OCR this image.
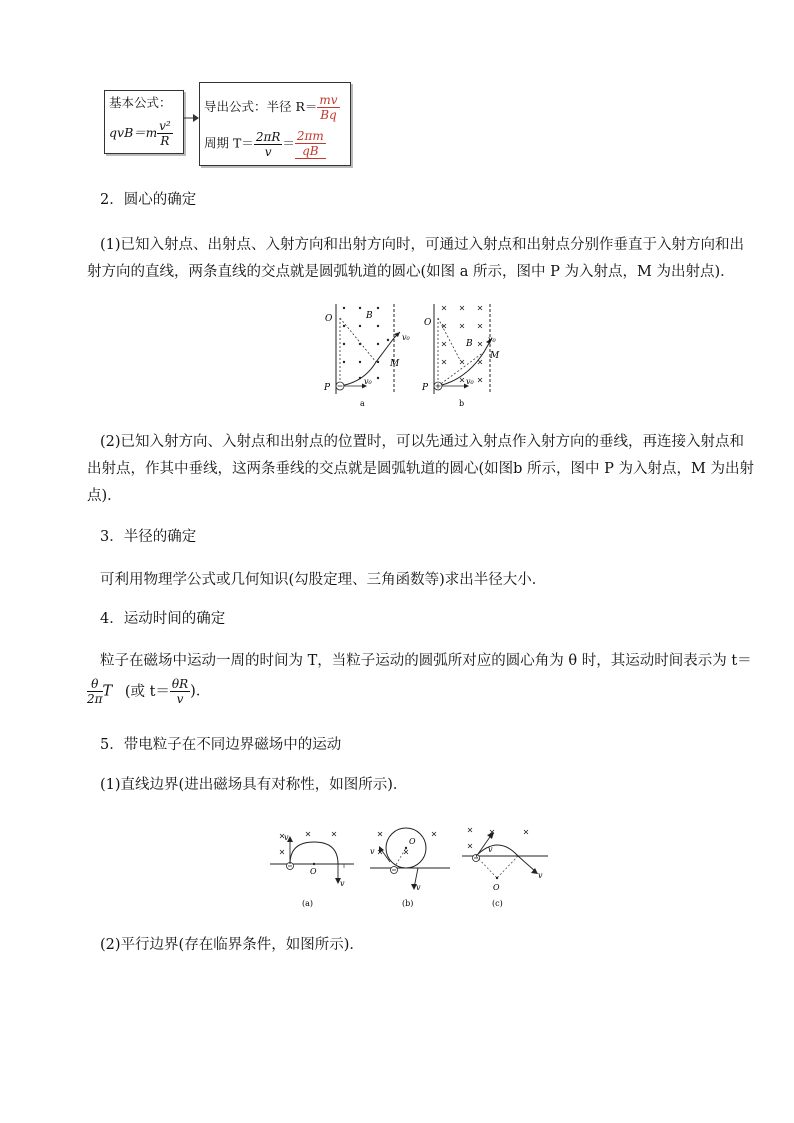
基本公式：
$qvB=m \frac{\text{v²}}{R}$
导出公式：半径 $R= \frac{mv}{Bq}$
周期 $T= \frac{2\pi R}{v} = \frac{2\pi m}{qB}$
2．圆心的确定
(1)已知入射点、出射点、入射方向和出射方向时，可通过入射点和出射点分别作垂直于入射方向和出
射方向的直线，两条直线的交点就是圆弧轨道的圆心(如图 a 所示，图中 P 为入射点，M 为出射点)．
O	B
M
P
v₀
v₀
a
O
B
M
P
v₀
v₀
b
(2)已知入射方向、入射点和出射点的位置时，可以先通过入射点作入射方向的垂线，再连接入射点和
出射点，作其中垂线，这两条垂线的交点就是圆弧轨道的圆心(如图b 所示，图中 P 为入射点，M 为出射
点)．
3．半径的确定
可利用物理学公式或几何知识(勾股定理、三角函数等)求出半径大小．
4．运动时间的确定
粒子在磁场中运动一周的时间为 T，当粒子运动的圆弧所对应的圆心角为 θ 时，其运动时间表示为 t＝
$\frac{\theta}{2\pi}$ T (或 $t= \frac{\theta R}{v}$ )．
5．带电粒子在不同边界磁场中的运动
(1)直线边界(进出磁场具有对称性，如图所示)．
O
v
v
(a)
O
v
v
(b)
O
v
v
(c)
(2)平行边界(存在临界条件，如图所示)．
